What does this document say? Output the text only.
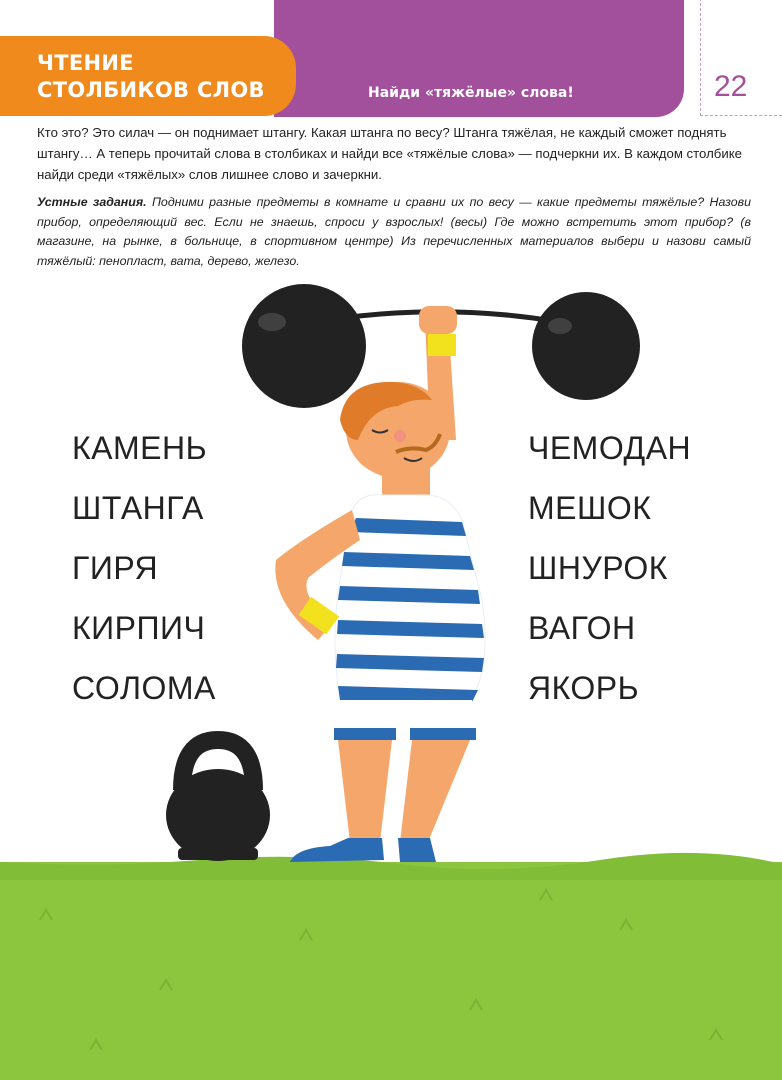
ЧТЕНИЕ
СТОЛБИКОВ СЛОВ	Найди «тяжёлые» слова!	22
Кто это? Это силач — он поднимает штангу. Какая штанга по весу? Штанга тяжёлая, не каждый сможет поднять штангу… А теперь прочитай слова в столбиках и найди все «тяжёлые слова» — подчеркни их. В каждом столбике найди среди «тяжёлых» слов лишнее слово и зачеркни.
Устные задания. Подними разные предметы в комнате и сравни их по весу — какие предметы тяжёлые? Назови прибор, определяющий вес. Если не знаешь, спроси у взрослых! (весы) Где можно встретить этот прибор? (в магазине, на рынке, в больнице, в спортивном центре) Из перечисленных материалов выбери и назови самый тяжёлый: пенопласт, вата, дерево, железо.
КАМЕНЬ
ШТАНГА
ГИРЯ
КИРПИЧ
СОЛОМА
ЧЕМОДАН
МЕШОК
ШНУРОК
ВАГОН
ЯКОРЬ
